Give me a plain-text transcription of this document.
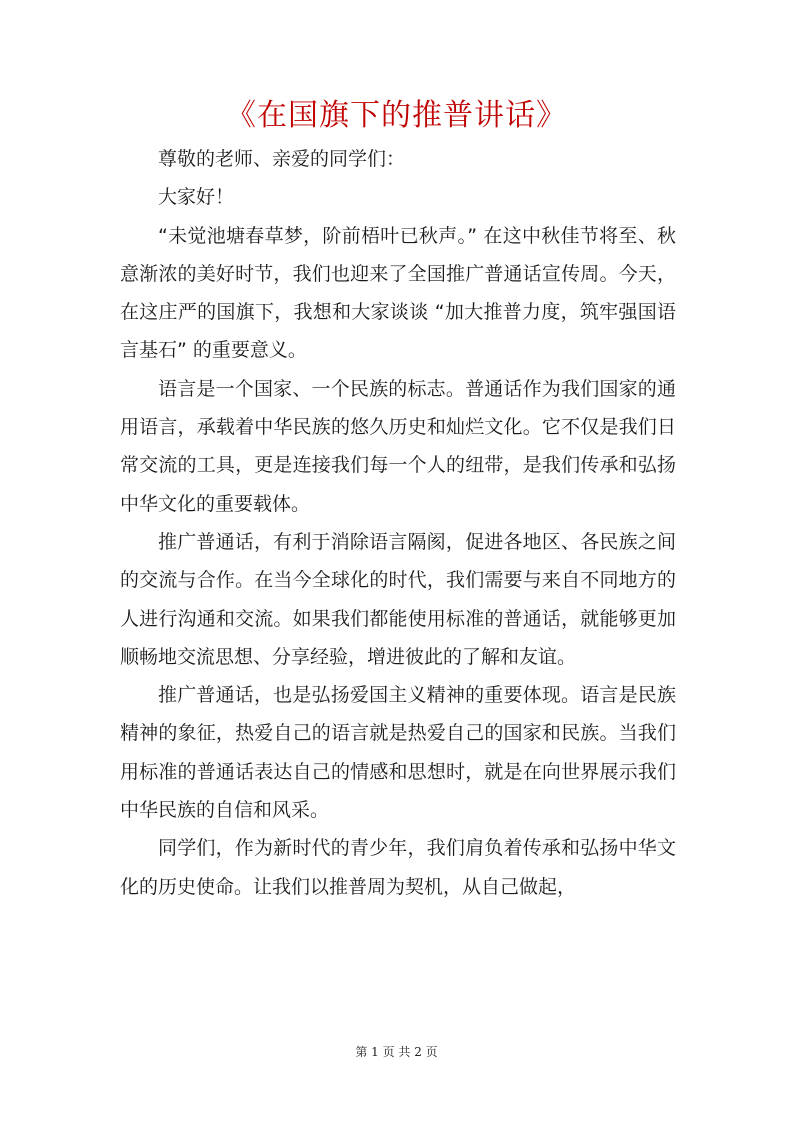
《在国旗下的推普讲话》

尊敬的老师、亲爱的同学们：

大家好！

“未觉池塘春草梦，阶前梧叶已秋声。” 在这中秋佳节将至、秋意渐浓的美好时节，我们也迎来了全国推广普通话宣传周。今天，在这庄严的国旗下，我想和大家谈谈 “加大推普力度，筑牢强国语言基石” 的重要意义。

语言是一个国家、一个民族的标志。普通话作为我们国家的通用语言，承载着中华民族的悠久历史和灿烂文化。它不仅是我们日常交流的工具，更是连接我们每一个人的纽带，是我们传承和弘扬中华文化的重要载体。

推广普通话，有利于消除语言隔阂，促进各地区、各民族之间的交流与合作。在当今全球化的时代，我们需要与来自不同地方的人进行沟通和交流。如果我们都能使用标准的普通话，就能够更加顺畅地交流思想、分享经验，增进彼此的了解和友谊。

推广普通话，也是弘扬爱国主义精神的重要体现。语言是民族精神的象征，热爱自己的语言就是热爱自己的国家和民族。当我们用标准的普通话表达自己的情感和思想时，就是在向世界展示我们中华民族的自信和风采。

同学们，作为新时代的青少年，我们肩负着传承和弘扬中华文化的历史使命。让我们以推普周为契机，从自己做起，

第 1 页 共 2 页
